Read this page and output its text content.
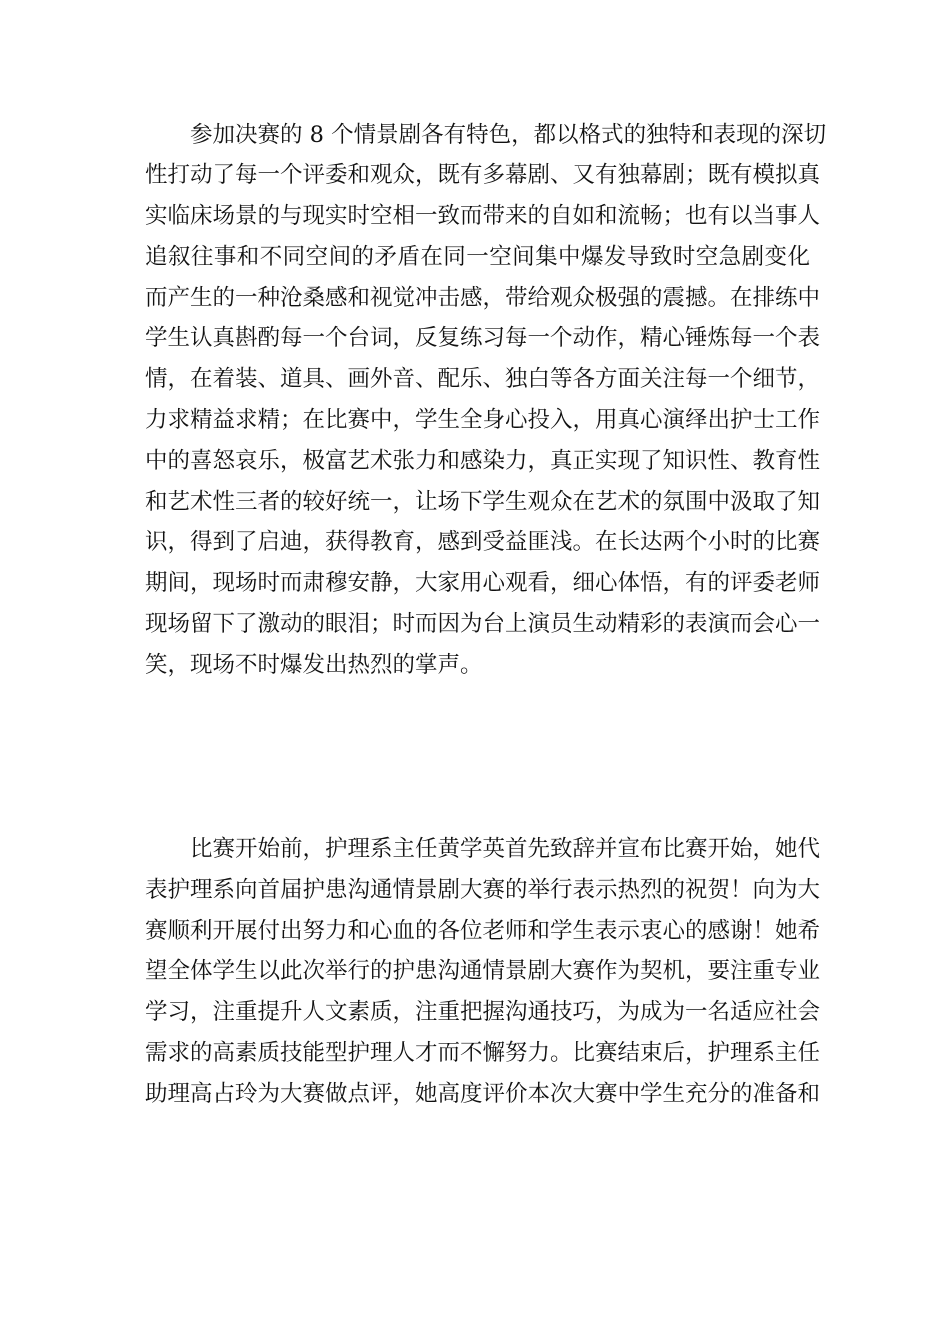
参加决赛的 8 个情景剧各有特色，都以格式的独特和表现的深切
性打动了每一个评委和观众，既有多幕剧、又有独幕剧；既有模拟真
实临床场景的与现实时空相一致而带来的自如和流畅；也有以当事人
追叙往事和不同空间的矛盾在同一空间集中爆发导致时空急剧变化
而产生的一种沧桑感和视觉冲击感，带给观众极强的震撼。在排练中
学生认真斟酌每一个台词，反复练习每一个动作，精心锤炼每一个表
情，在着装、道具、画外音、配乐、独白等各方面关注每一个细节，
力求精益求精；在比赛中，学生全身心投入，用真心演绎出护士工作
中的喜怒哀乐，极富艺术张力和感染力，真正实现了知识性、教育性
和艺术性三者的较好统一，让场下学生观众在艺术的氛围中汲取了知
识，得到了启迪，获得教育，感到受益匪浅。在长达两个小时的比赛
期间，现场时而肃穆安静，大家用心观看，细心体悟，有的评委老师
现场留下了激动的眼泪；时而因为台上演员生动精彩的表演而会心一
笑，现场不时爆发出热烈的掌声。
比赛开始前，护理系主任黄学英首先致辞并宣布比赛开始，她代
表护理系向首届护患沟通情景剧大赛的举行表示热烈的祝贺！向为大
赛顺利开展付出努力和心血的各位老师和学生表示衷心的感谢！她希
望全体学生以此次举行的护患沟通情景剧大赛作为契机，要注重专业
学习，注重提升人文素质，注重把握沟通技巧，为成为一名适应社会
需求的高素质技能型护理人才而不懈努力。比赛结束后，护理系主任
助理高占玲为大赛做点评，她高度评价本次大赛中学生充分的准备和
